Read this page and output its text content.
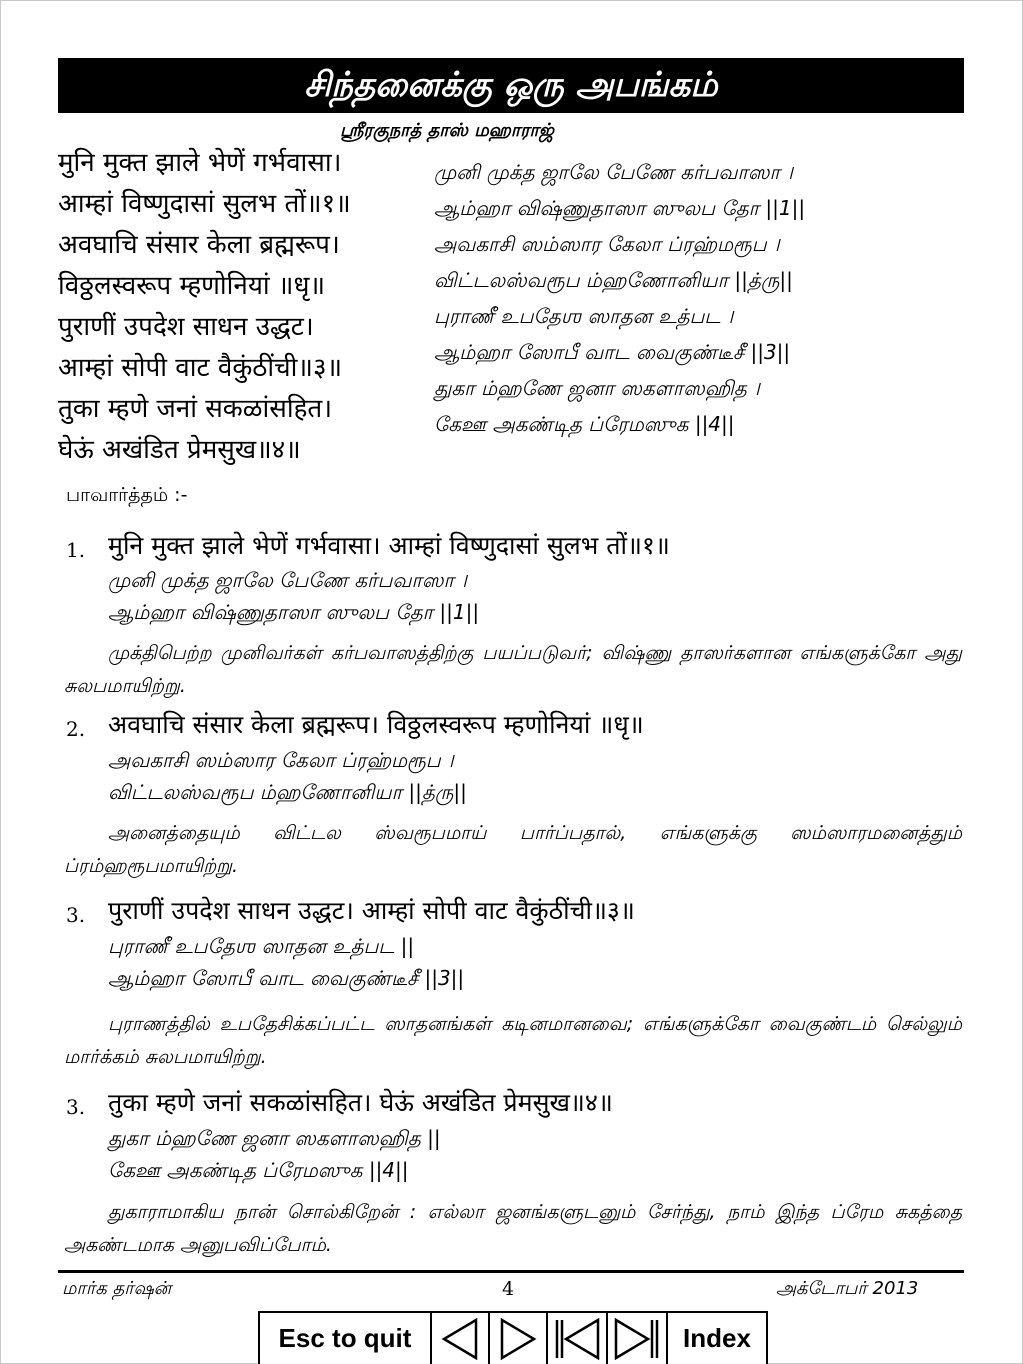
சிந்தனைக்கு ஒரு அபங்கம்
ஸ்ரீரகுநாத் தாஸ் மஹாராஜ்
मुनि मुक्त झाले भेणें गर्भवासा।
आम्हां विष्णुदासां सुलभ तों॥१॥
अवघाचि संसार केला ब्रह्मरूप।
विठ्ठलस्वरूप म्हणोनियां ॥धृ॥
पुराणीं उपदेश साधन उद्धट।
आम्हां सोपी वाट वैकुंठींची॥३॥
तुका म्हणे जनां सकळांसहित।
घेऊं अखंडित प्रेमसुख॥४॥
முனி முக்த ஜாலே பேணே கர்பவாஸா ।
ஆம்ஹா விஷ்ணுதாஸா ஸுலப தோ ||1||
அவகாசி ஸம்ஸார கேலா ப்ரஹ்மரூப ।
விட்டலஸ்வரூப ம்ஹணோனியா ||த்ரு||
புராணீ உபதேஶ ஸாதன உத்பட ।
ஆம்ஹா ஸோபீ வாட வைகுண்டீசீ ||3||
துகா ம்ஹணே ஜனா ஸகளாஸஹித ।
கேஊ அகண்டித ப்ரேமஸுக ||4||
பாவார்த்தம் :-
1. मुनि मुक्त झाले भेणें गर्भवासा। आम्हां विष्णुदासां सुलभ तों॥१॥
முனி முக்த ஜாலே பேணே கர்பவாஸா ।
ஆம்ஹா விஷ்ணுதாஸா ஸுலப தோ ||1||

முக்திபெற்ற முனிவர்கள் கர்பவாஸத்திற்கு பயப்படுவர்; விஷ்ணு தாஸர்களான எங்களுக்கோ அது சுலபமாயிற்று.

2. अवघाचि संसार केला ब्रह्मरूप। विठ्ठलस्वरूप म्हणोनियां ॥धृ॥
அவகாசி ஸம்ஸார கேலா ப்ரஹ்மரூப ।
விட்டலஸ்வரூப ம்ஹணோனியா ||த்ரு||

அனைத்தையும் விட்டல ஸ்வரூபமாய் பார்ப்பதால், எங்களுக்கு ஸம்ஸாரமனைத்தும் ப்ரம்ஹரூபமாயிற்று.

3. पुराणीं उपदेश साधन उद्धट। आम्हां सोपी वाट वैकुंठींची॥३॥
புராணீ உபதேஶ ஸாதன உத்பட ||
ஆம்ஹா ஸோபீ வாட வைகுண்டீசீ ||3||

புராணத்தில் உபதேசிக்கப்பட்ட ஸாதனங்கள் கடினமானவை; எங்களுக்கோ வைகுண்டம் செல்லும் மார்க்கம் சுலபமாயிற்று.

3. तुका म्हणे जनां सकळांसहित। घेऊं अखंडित प्रेमसुख॥४॥
துகா ம்ஹணே ஜனா ஸகளாஸஹித ||
கேஊ அகண்டித ப்ரேமஸுக ||4||

துகாராமாகிய நான் சொல்கிறேன் : எல்லா ஜனங்களுடனும் சேர்ந்து, நாம் இந்த ப்ரேம சுகத்தை அகண்டமாக அனுபவிப்போம்.

மார்க தர்ஷன்	4	அக்டோபர் 2013
Esc to quit	Index
